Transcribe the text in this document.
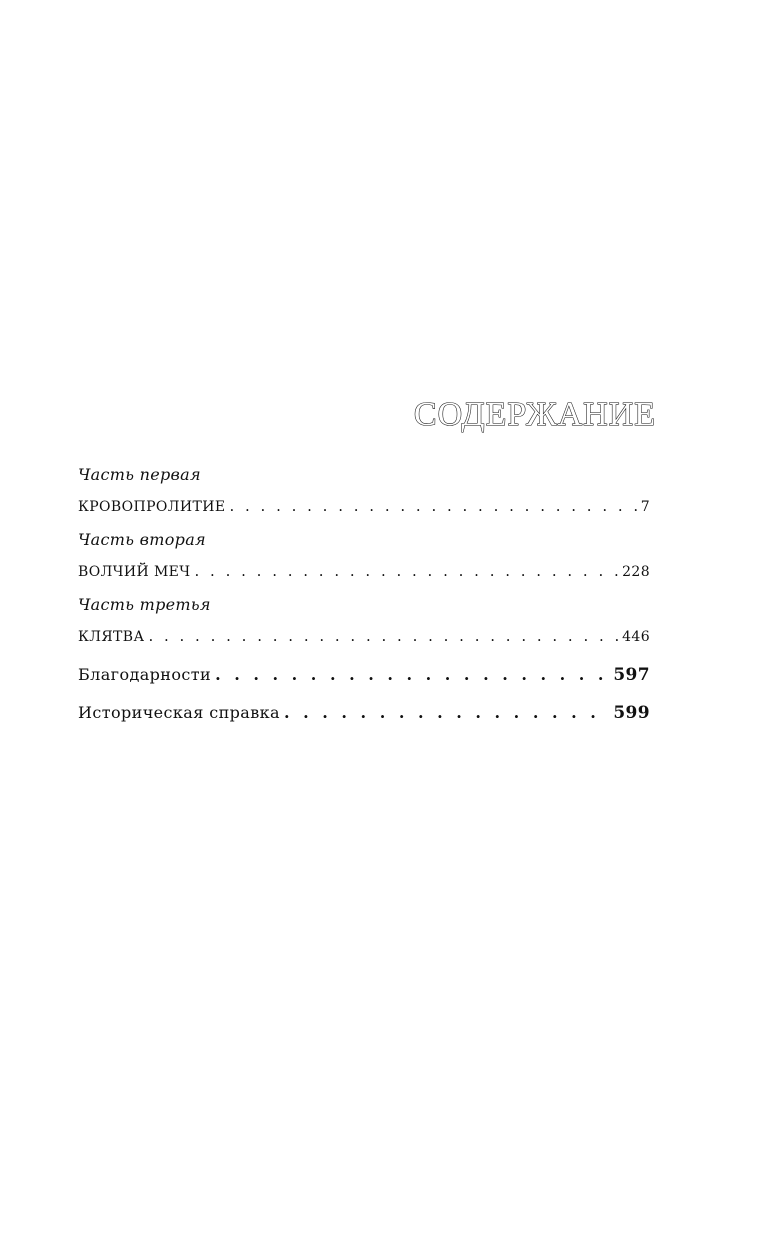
СОДЕРЖАНИЕ
Часть первая
КРОВОПРОЛИТИЕ . . .	7
Часть вторая
ВОЛЧИЙ МЕЧ . . .	228
Часть третья
КЛЯТВА . . .	446
Благодарности . . .	597
Историческая справка . . .	599
